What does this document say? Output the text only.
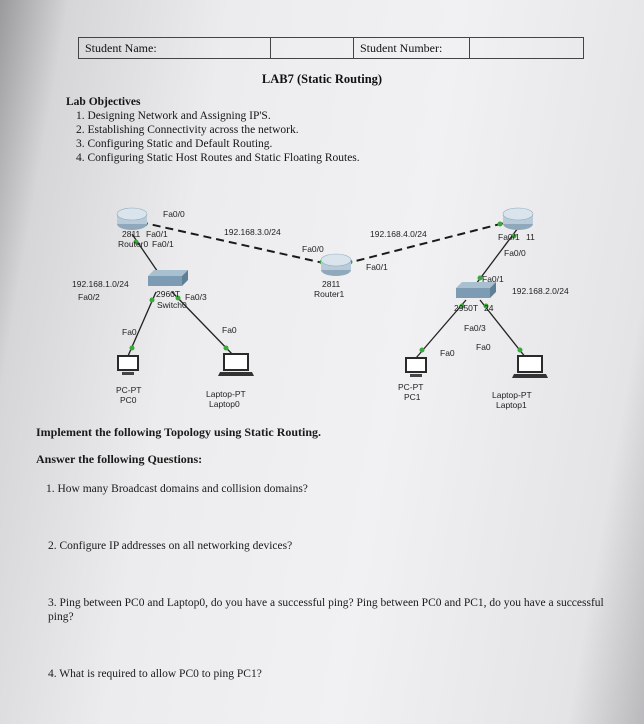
Student Name:	Student Number:
LAB7 (Static Routing)
Lab Objectives
1. Designing Network and Assigning IP'S.
2. Establishing Connectivity across the network.
3. Configuring Static and Default Routing.
4. Configuring Static Host Routes and Static Floating Routes.
Fa0/0
2811 Fa0/1
Router0 Fa0/1
192.168.3.0/24
Fa0/0
Fa0/1
2811
Router1
192.168.4.0/24	Fa0/1 11
Fa0/0
192.168.1.0/24
Fa0/2	2960T
Switch0
Fa0/3
Fa0/1
192.168.2.0/24
2950T 24
Fa0/3
Fa0	Fa0
Fa0
Fa0
PC-PT
PC0
Laptop-PT
Laptop0
PC-PT
PC1	Laptop-PT
Laptop1
Implement the following Topology using Static Routing.
Answer the following Questions:
1. How many Broadcast domains and collision domains?
2. Configure IP addresses on all networking devices?
3. Ping between PC0 and Laptop0, do you have a successful ping? Ping between PC0 and PC1, do you have a successful ping?
4. What is required to allow PC0 to ping PC1?
